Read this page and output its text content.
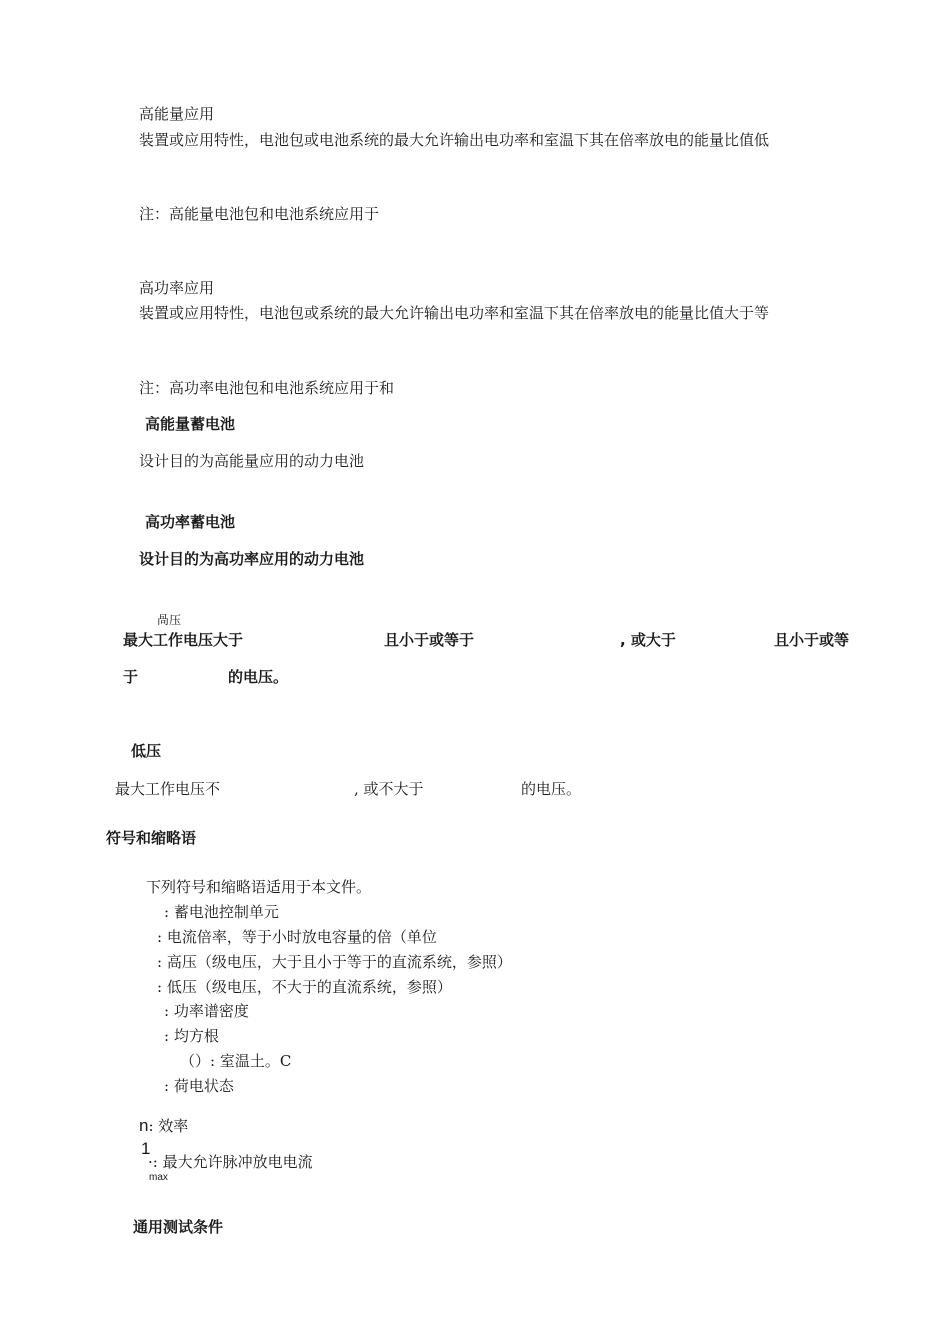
高能量应用
装置或应用特性，电池包或电池系统的最大允许输出电功率和室温下其在倍率放电的能量比值低
注：高能量电池包和电池系统应用于
高功率应用
装置或应用特性，电池包或系统的最大允许输出电功率和室温下其在倍率放电的能量比值大于等
注：高功率电池包和电池系统应用于和
高能量蓄电池
设计目的为高能量应用的动力电池
高功率蓄电池
设计目的为高功率应用的动力电池
咼压
最大工作电压大于	且小于或等于	, 或大于	且小于或等
于	的电压。
低压
最大工作电压不	, 或不大于	的电压。
符号和缩略语
下列符号和缩略语适用于本文件。
: 蓄电池控制单元
: 电流倍率，等于小时放电容量的倍（单位
: 高压（级电压，大于且小于等于的直流系统，参照）
: 低压（级电压，不大于的直流系统，参照）
: 功率谱密度
: 均方根
（）: 室温土。C
: 荷电状态
n: 效率
1
·: 最大允许脉冲放电电流
max
通用测试条件
